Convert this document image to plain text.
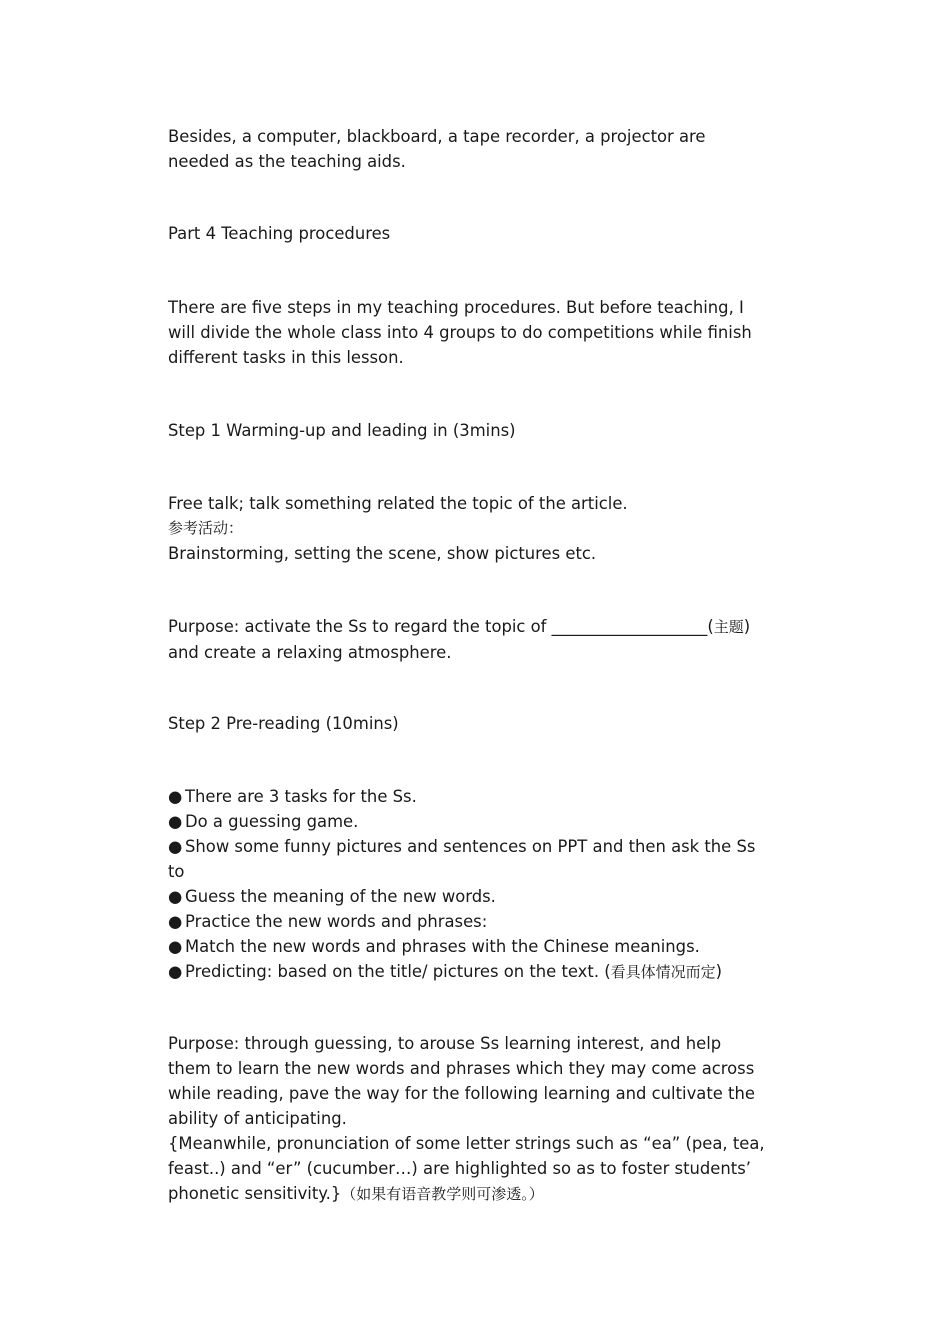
Besides, a computer, blackboard, a tape recorder, a projector are
needed as the teaching aids.

Part 4 Teaching procedures

There are five steps in my teaching procedures. But before teaching, I
will divide the whole class into 4 groups to do competitions while finish
different tasks in this lesson.

Step 1 Warming-up and leading in (3mins)

Free talk; talk something related the topic of the article.
参考活动：
Brainstorming, setting the scene, show pictures etc.

Purpose: activate the Ss to regard the topic of ___________________(主题)
and create a relaxing atmosphere.

Step 2 Pre-reading (10mins)

● There are 3 tasks for the Ss.
● Do a guessing game.
● Show some funny pictures and sentences on PPT and then ask the Ss
to
● Guess the meaning of the new words.
● Practice the new words and phrases:
● Match the new words and phrases with the Chinese meanings.
● Predicting: based on the title/ pictures on the text. (看具体情况而定)

Purpose: through guessing, to arouse Ss learning interest, and help
them to learn the new words and phrases which they may come across
while reading, pave the way for the following learning and cultivate the
ability of anticipating.
{Meanwhile, pronunciation of some letter strings such as “ea” (pea, tea,
feast..) and “er” (cucumber…) are highlighted so as to foster students’
phonetic sensitivity.}（如果有语音教学则可渗透。）
